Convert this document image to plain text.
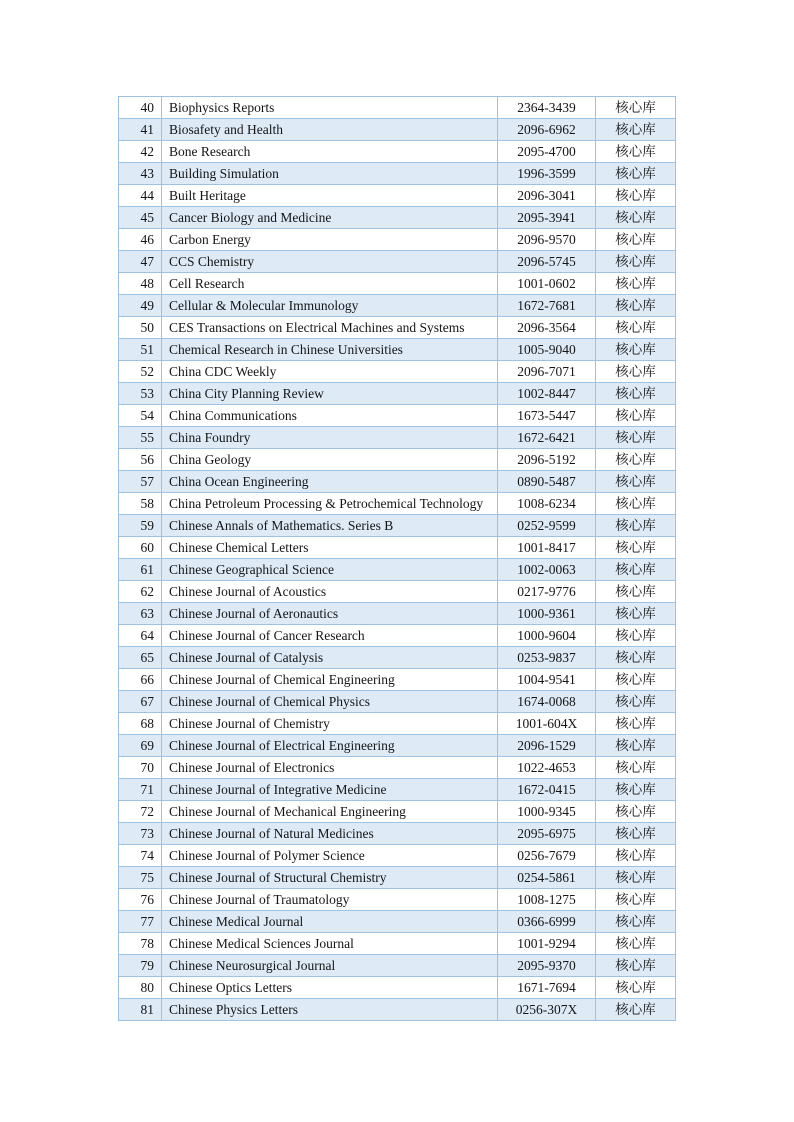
40	Biophysics Reports	2364-3439	核心库
41	Biosafety and Health	2096-6962	核心库
42	Bone Research	2095-4700	核心库
43	Building Simulation	1996-3599	核心库
44	Built Heritage	2096-3041	核心库
45	Cancer Biology and Medicine	2095-3941	核心库
46	Carbon Energy	2096-9570	核心库
47	CCS Chemistry	2096-5745	核心库
48	Cell Research	1001-0602	核心库
49	Cellular & Molecular Immunology	1672-7681	核心库
50	CES Transactions on Electrical Machines and Systems	2096-3564	核心库
51	Chemical Research in Chinese Universities	1005-9040	核心库
52	China CDC Weekly	2096-7071	核心库
53	China City Planning Review	1002-8447	核心库
54	China Communications	1673-5447	核心库
55	China Foundry	1672-6421	核心库
56	China Geology	2096-5192	核心库
57	China Ocean Engineering	0890-5487	核心库
58	China Petroleum Processing & Petrochemical Technology	1008-6234	核心库
59	Chinese Annals of Mathematics. Series B	0252-9599	核心库
60	Chinese Chemical Letters	1001-8417	核心库
61	Chinese Geographical Science	1002-0063	核心库
62	Chinese Journal of Acoustics	0217-9776	核心库
63	Chinese Journal of Aeronautics	1000-9361	核心库
64	Chinese Journal of Cancer Research	1000-9604	核心库
65	Chinese Journal of Catalysis	0253-9837	核心库
66	Chinese Journal of Chemical Engineering	1004-9541	核心库
67	Chinese Journal of Chemical Physics	1674-0068	核心库
68	Chinese Journal of Chemistry	1001-604X	核心库
69	Chinese Journal of Electrical Engineering	2096-1529	核心库
70	Chinese Journal of Electronics	1022-4653	核心库
71	Chinese Journal of Integrative Medicine	1672-0415	核心库
72	Chinese Journal of Mechanical Engineering	1000-9345	核心库
73	Chinese Journal of Natural Medicines	2095-6975	核心库
74	Chinese Journal of Polymer Science	0256-7679	核心库
75	Chinese Journal of Structural Chemistry	0254-5861	核心库
76	Chinese Journal of Traumatology	1008-1275	核心库
77	Chinese Medical Journal	0366-6999	核心库
78	Chinese Medical Sciences Journal	1001-9294	核心库
79	Chinese Neurosurgical Journal	2095-9370	核心库
80	Chinese Optics Letters	1671-7694	核心库
81	Chinese Physics Letters	0256-307X	核心库
